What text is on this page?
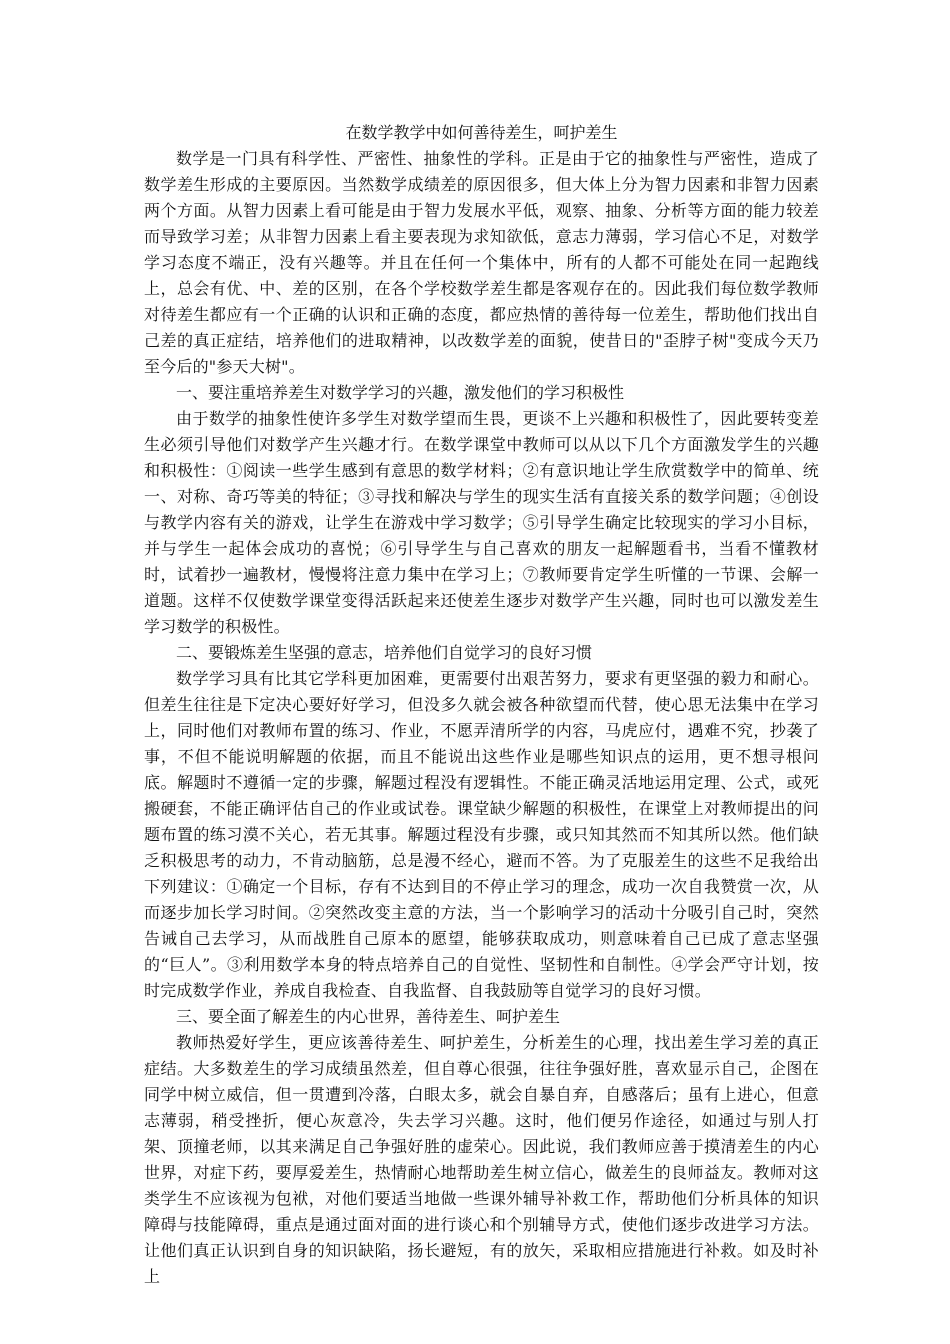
在数学教学中如何善待差生，呵护差生

数学是一门具有科学性、严密性、抽象性的学科。正是由于它的抽象性与严密性，造成了数学差生形成的主要原因。当然数学成绩差的原因很多，但大体上分为智力因素和非智力因素两个方面。从智力因素上看可能是由于智力发展水平低，观察、抽象、分析等方面的能力较差而导致学习差；从非智力因素上看主要表现为求知欲低，意志力薄弱，学习信心不足，对数学学习态度不端正，没有兴趣等。并且在任何一个集体中，所有的人都不可能处在同一起跑线上，总会有优、中、差的区别，在各个学校数学差生都是客观存在的。因此我们每位数学教师对待差生都应有一个正确的认识和正确的态度，都应热情的善待每一位差生，帮助他们找出自己差的真正症结，培养他们的进取精神，以改数学差的面貌，使昔日的"歪脖子树"变成今天乃至今后的"参天大树"。

一、要注重培养差生对数学学习的兴趣，激发他们的学习积极性

由于数学的抽象性使许多学生对数学望而生畏，更谈不上兴趣和积极性了，因此要转变差生必须引导他们对数学产生兴趣才行。在数学课堂中教师可以从以下几个方面激发学生的兴趣和积极性：①阅读一些学生感到有意思的数学材料；②有意识地让学生欣赏数学中的简单、统一、对称、奇巧等美的特征；③寻找和解决与学生的现实生活有直接关系的数学问题；④创设与教学内容有关的游戏，让学生在游戏中学习数学；⑤引导学生确定比较现实的学习小目标，并与学生一起体会成功的喜悦；⑥引导学生与自己喜欢的朋友一起解题看书，当看不懂教材时，试着抄一遍教材，慢慢将注意力集中在学习上；⑦教师要肯定学生听懂的一节课、会解一道题。这样不仅使数学课堂变得活跃起来还使差生逐步对数学产生兴趣，同时也可以激发差生学习数学的积极性。

二、要锻炼差生坚强的意志，培养他们自觉学习的良好习惯

数学学习具有比其它学科更加困难，更需要付出艰苦努力，要求有更坚强的毅力和耐心。但差生往往是下定决心要好好学习，但没多久就会被各种欲望而代替，使心思无法集中在学习上，同时他们对教师布置的练习、作业，不愿弄清所学的内容，马虎应付，遇难不究，抄袭了事，不但不能说明解题的依据，而且不能说出这些作业是哪些知识点的运用，更不想寻根问底。解题时不遵循一定的步骤，解题过程没有逻辑性。不能正确灵活地运用定理、公式，或死搬硬套，不能正确评估自己的作业或试卷。课堂缺少解题的积极性，在课堂上对教师提出的问题布置的练习漠不关心，若无其事。解题过程没有步骤，或只知其然而不知其所以然。他们缺乏积极思考的动力，不肯动脑筋，总是漫不经心，避而不答。为了克服差生的这些不足我给出下列建议：①确定一个目标，存有不达到目的不停止学习的理念，成功一次自我赞赏一次，从而逐步加长学习时间。②突然改变主意的方法，当一个影响学习的活动十分吸引自己时，突然告诫自己去学习，从而战胜自己原本的愿望，能够获取成功，则意味着自己已成了意志坚强的“巨人”。③利用数学本身的特点培养自己的自觉性、坚韧性和自制性。④学会严守计划，按时完成数学作业，养成自我检查、自我监督、自我鼓励等自觉学习的良好习惯。

三、要全面了解差生的内心世界，善待差生、呵护差生

教师热爱好学生，更应该善待差生、呵护差生，分析差生的心理，找出差生学习差的真正症结。大多数差生的学习成绩虽然差，但自尊心很强，往往争强好胜，喜欢显示自己，企图在同学中树立威信，但一贯遭到冷落，白眼太多，就会自暴自弃，自感落后；虽有上进心，但意志薄弱，稍受挫折，便心灰意冷，失去学习兴趣。这时，他们便另作途径，如通过与别人打架、顶撞老师，以其来满足自己争强好胜的虚荣心。因此说，我们教师应善于摸清差生的内心世界，对症下药，要厚爱差生，热情耐心地帮助差生树立信心，做差生的良师益友。教师对这类学生不应该视为包袱，对他们要适当地做一些课外辅导补救工作，帮助他们分析具体的知识障碍与技能障碍，重点是通过面对面的进行谈心和个别辅导方式，使他们逐步改进学习方法。让他们真正认识到自身的知识缺陷，扬长避短，有的放矢，采取相应措施进行补救。如及时补上
